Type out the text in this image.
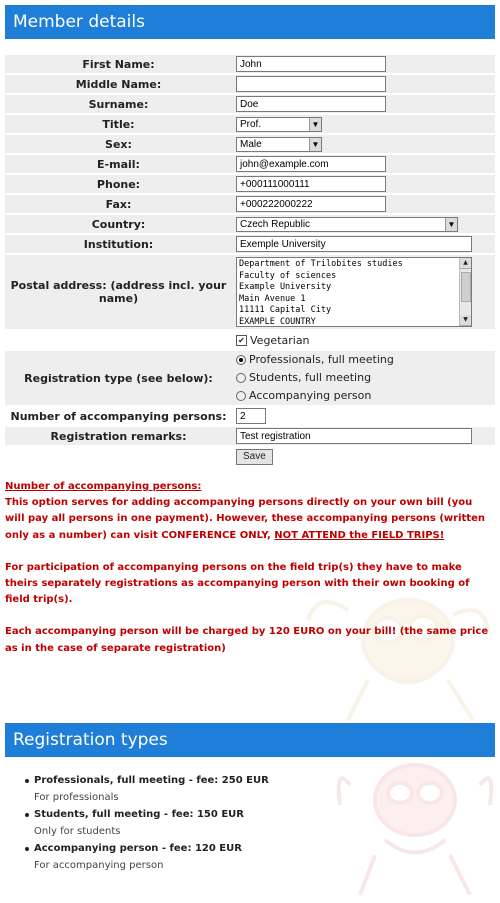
Member details
First Name:	John
Middle Name:	
Surname:	Doe
Title:	Prof. ▼

Sex:	Male ▼

E-mail:	john@example.com
Phone:	+000111000111
Fax:	+000222000222
Country:	Czech Republic ▼

Institution:	Exemple University
Postal address: (address incl. your name)	Department of Trilobites studies Faculty of sciences Example University Main Avenue 1 11111 Capital City EXAMPLE COUNTRY
▲
▼

	✔ Vegetarian
Registration type (see below):	Professionals, full meeting
Students, full meeting
Accompanying person

Number of accompanying persons:	2
Registration remarks:	Test registration
	Save

Number of accompanying persons:

This option serves for adding accompanying persons directly on your own bill (you will pay all persons in one payment). However, these accompanying persons (written only as a number) can visit CONFERENCE ONLY, NOT ATTEND the FIELD TRIPS!

For participation of accompanying persons on the field trip(s) they have to make theirs separately registrations as accompanying person with their own booking of field trip(s).

Each accompanying person will be charged by 120 EURO on your bill! (the same price as in the case of separate registration)

Registration types
Professionals, full meeting - fee: 250 EUR
For professionals
Students, full meeting - fee: 150 EUR
Only for students
Accompanying person - fee: 120 EUR
For accompanying person
